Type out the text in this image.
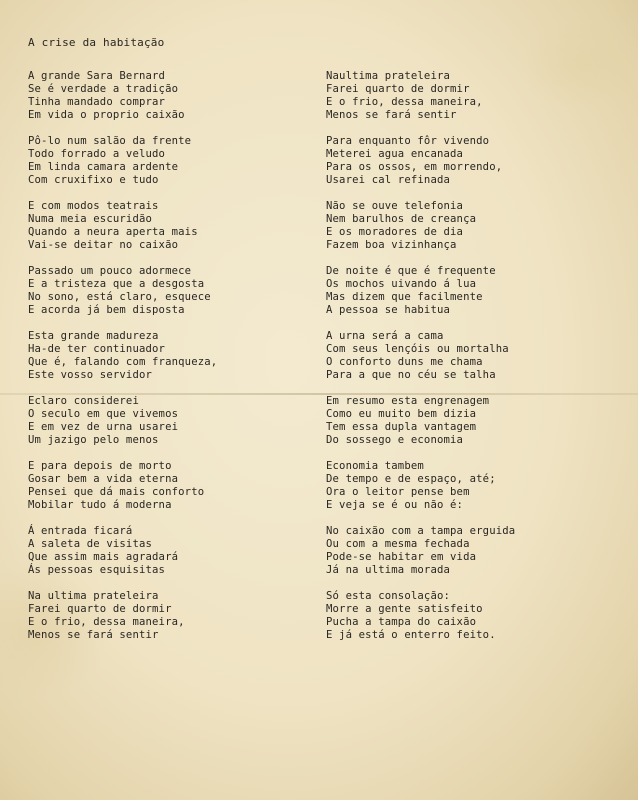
A crise da habitação
A grande Sara Bernard
Se é verdade a tradição
Tinha mandado comprar
Em vida o proprio caixão
Pô-lo num salão da frente
Todo forrado a veludo
Em linda camara ardente
Com cruxifixo e tudo
E com modos teatrais
Numa meia escuridão
Quando a neura aperta mais
Vai-se deitar no caixão
Passado um pouco adormece
E a tristeza que a desgosta
No sono, está claro, esquece
E acorda já bem disposta
Esta grande madureza
Ha-de ter continuador
Que é, falando com franqueza,
Este vosso servidor
Eclaro considerei
O seculo em que vivemos
E em vez de urna usarei
Um jazigo pelo menos
E para depois de morto
Gosar bem a vida eterna
Pensei que dá mais conforto
Mobilar tudo á moderna
Á entrada ficará
A saleta de visitas
Que assim mais agradará
Ás pessoas esquisitas
Na ultima prateleira
Farei quarto de dormir
E o frio, dessa maneira,
Menos se fará sentir
Naultima prateleira
Farei quarto de dormir
E o frio, dessa maneira,
Menos se fará sentir
Para enquanto fôr vivendo
Meterei agua encanada
Para os ossos, em morrendo,
Usarei cal refinada
Não se ouve telefonia
Nem barulhos de creança
E os moradores de dia
Fazem boa vizinhança
De noite é que é frequente
Os mochos uivando á lua
Mas dizem que facilmente
A pessoa se habitua
A urna será a cama
Com seus lençóis ou mortalha
O conforto duns me chama
Para a que no céu se talha
Em resumo esta engrenagem
Como eu muito bem dizia
Tem essa dupla vantagem
Do sossego e economia
Economia tambem
De tempo e de espaço, até;
Ora o leitor pense bem
E veja se é ou não é:
No caixão com a tampa erguida
Ou com a mesma fechada
Pode-se habitar em vida
Já na ultima morada
Só esta consolação:
Morre a gente satisfeito
Pucha a tampa do caixão
E já está o enterro feito.
